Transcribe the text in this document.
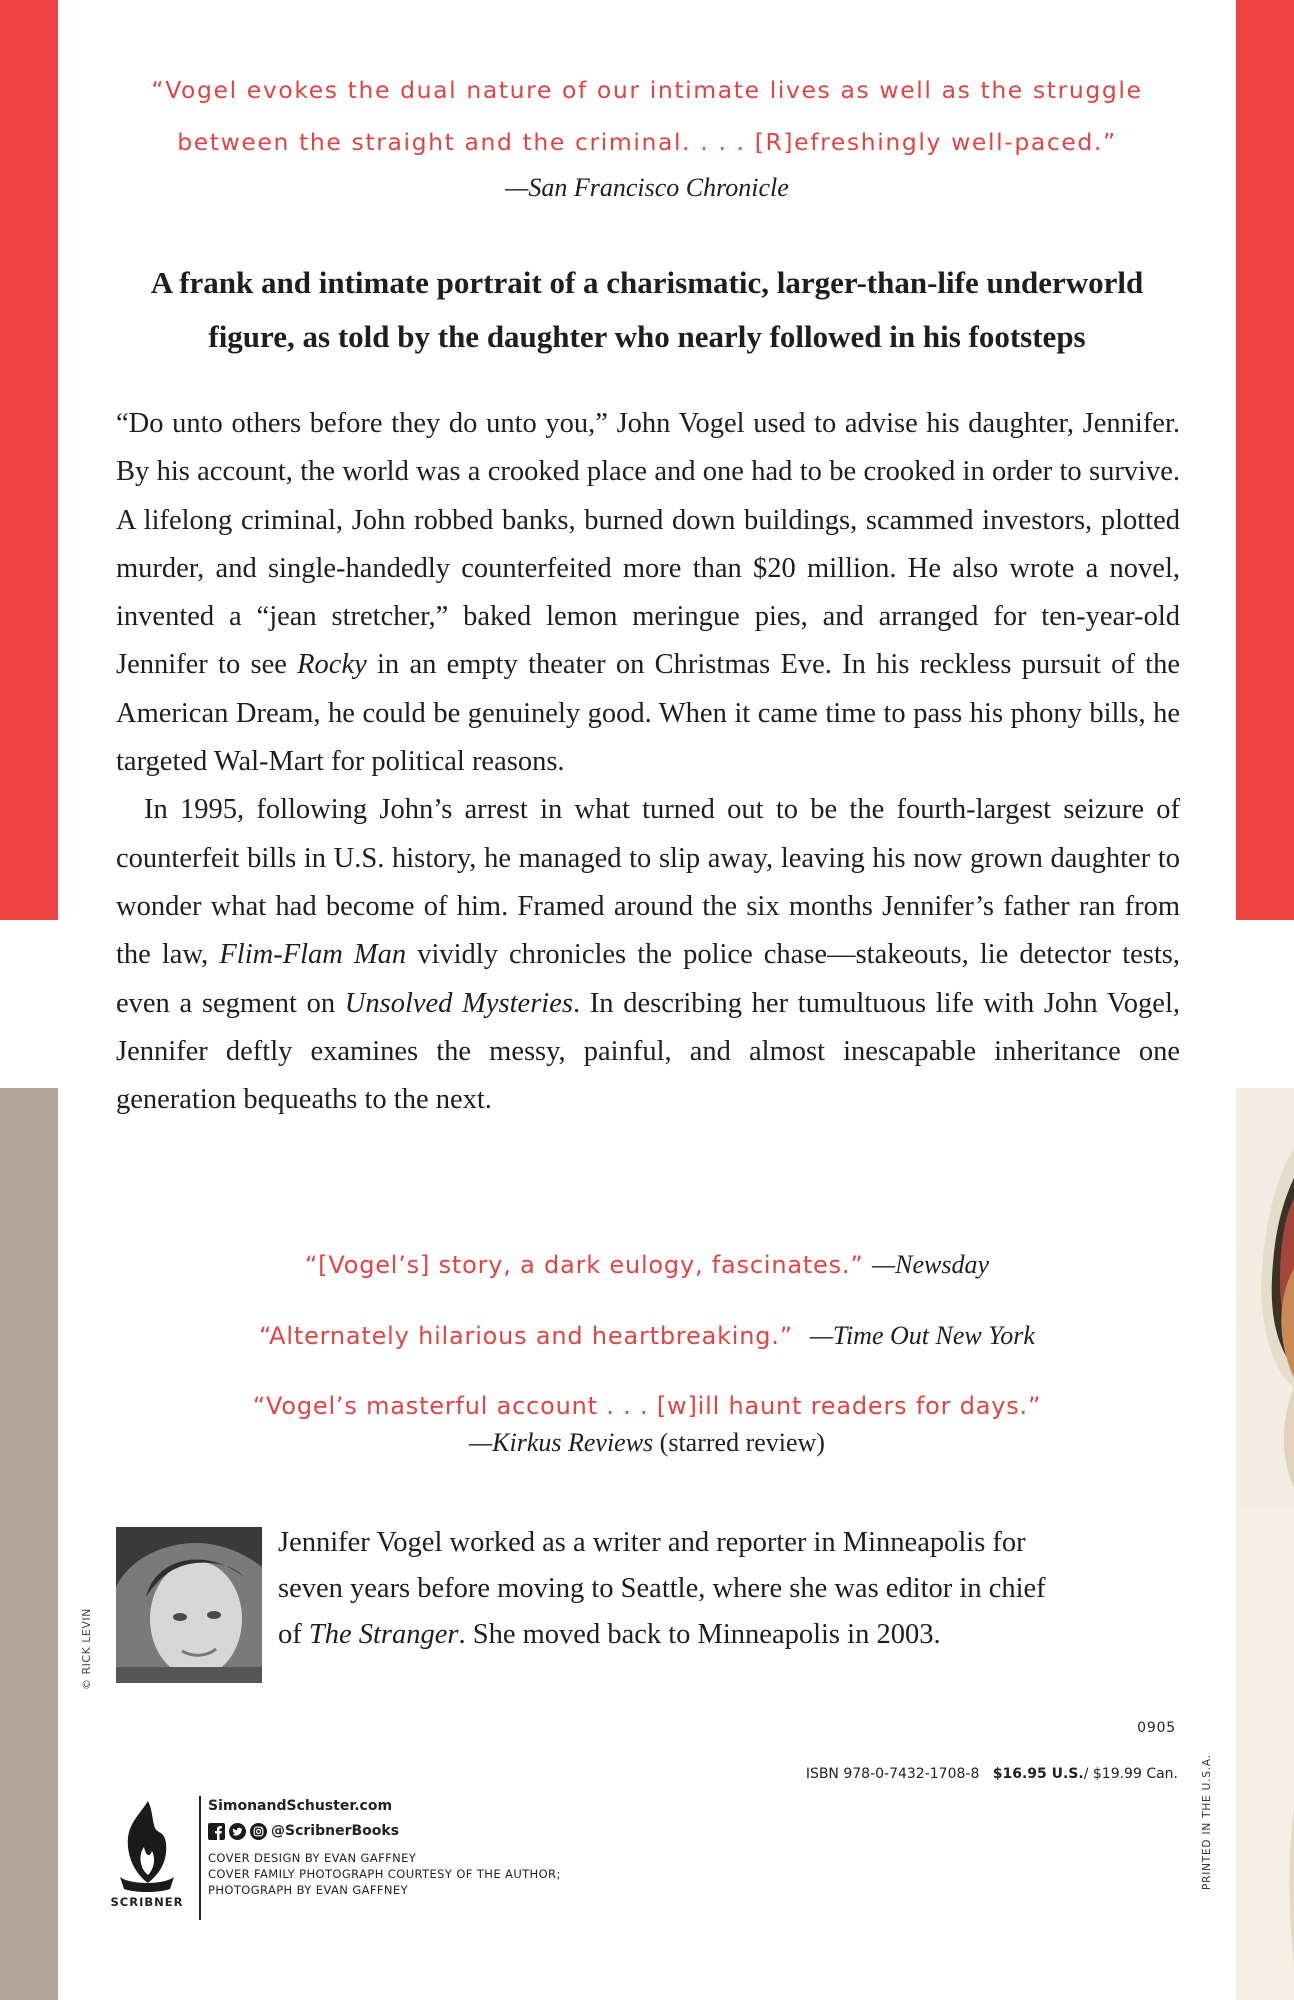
“Vogel evokes the dual nature of our intimate lives as well as the struggle
between the straight and the criminal. . . . [R]efreshingly well-paced.”
—San Francisco Chronicle
A frank and intimate portrait of a charismatic, larger-than-life underworld
figure, as told by the daughter who nearly followed in his footsteps

“Do unto others before they do unto you,” John Vogel used to advise his daughter, Jennifer. By his account, the world was a crooked place and one had to be crooked in order to survive. A lifelong criminal, John robbed banks, burned down buildings, scammed investors, plotted murder, and single-handedly counterfeited more than $20 million. He also wrote a novel, invented a “jean stretcher,” baked lemon meringue pies, and arranged for ten-year-old Jennifer to see Rocky in an empty theater on Christmas Eve. In his reckless pursuit of the American Dream, he could be genuinely good. When it came time to pass his phony bills, he targeted Wal-Mart for political reasons.

In 1995, following John’s arrest in what turned out to be the fourth-largest seizure of counterfeit bills in U.S. history, he managed to slip away, leaving his now grown daughter to wonder what had become of him. Framed around the six months Jennifer’s father ran from the law, Flim-Flam Man vividly chronicles the police chase—stakeouts, lie detector tests, even a segment on Unsolved Mysteries. In describing her tumultuous life with John Vogel, Jennifer deftly examines the messy, painful, and almost inescapable inheritance one generation bequeaths to the next.

“[Vogel’s] story, a dark eulogy, fascinates.” —Newsday
“Alternately hilarious and heartbreaking.” —Time Out New York
“Vogel’s masterful account . . . [w]ill haunt readers for days.”
—Kirkus Reviews (starred review)
© RICK LEVIN
Jennifer Vogel worked as a writer and reporter in Minneapolis for
seven years before moving to Seattle, where she was editor in chief
of The Stranger. She moved back to Minneapolis in 2003.
0905
ISBN 978-0-7432-1708-8 $16.95 U.S./ $19.99 Can.
SCRIBNER
SimonandSchuster.com
@ScribnerBooks
COVER DESIGN BY EVAN GAFFNEY
COVER FAMILY PHOTOGRAPH COURTESY OF THE AUTHOR;
PHOTOGRAPH BY EVAN GAFFNEY	PRINTED IN THE U.S.A.
